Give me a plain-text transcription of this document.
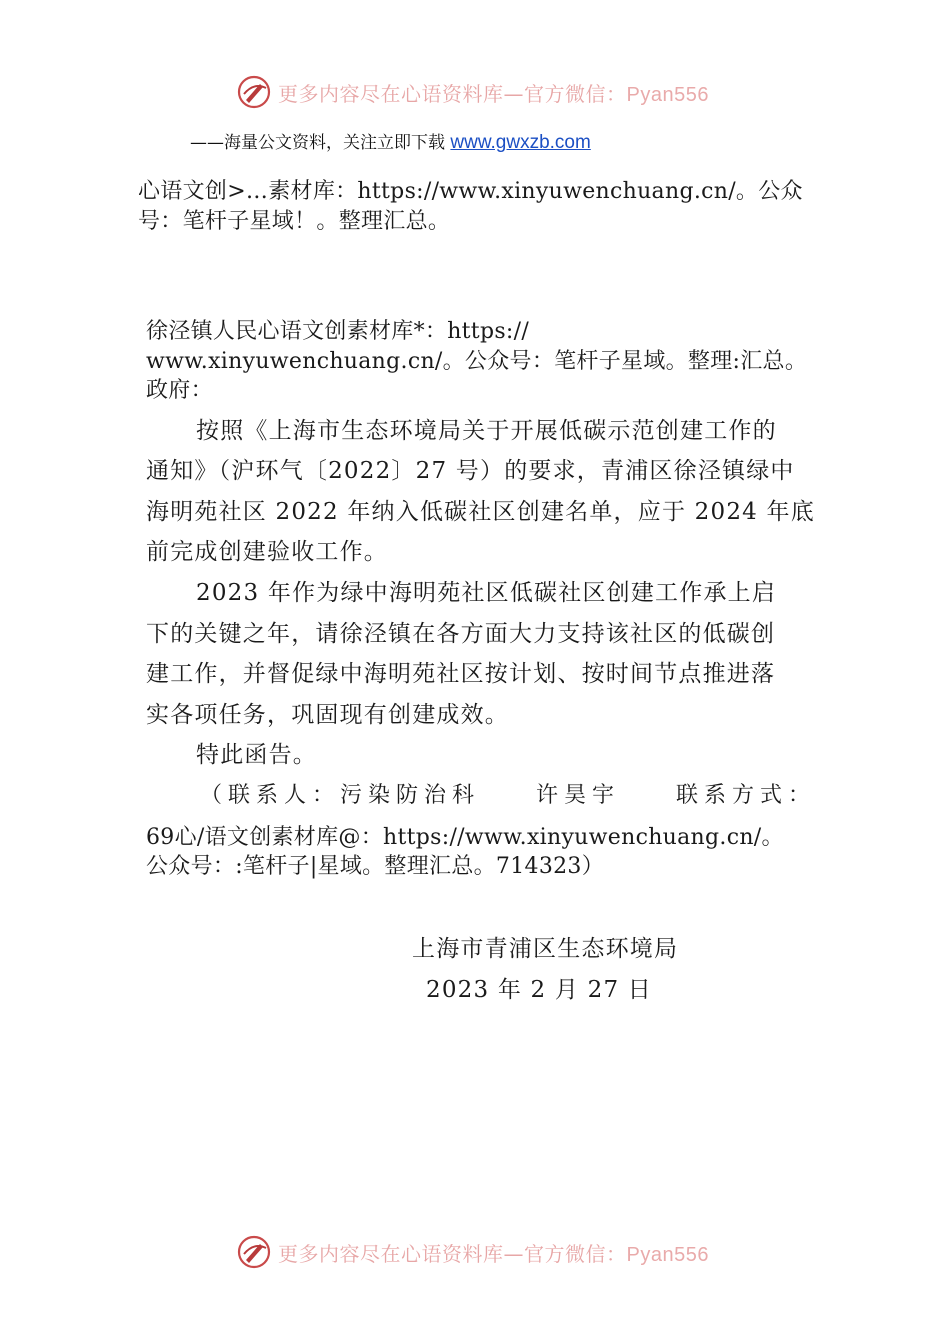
更多内容尽在心语资料库—官方微信：Pyan556
——海量公文资料，关注立即下载 www.gwxzb.com
心语文创>…素材库：https://www.xinyuwenchuang.cn/。公众
号：笔杆子星域！。整理汇总。
徐泾镇人民心语文创素材库*：https://
www.xinyuwenchuang.cn/。公众号：笔杆子星域。整理:汇总。
政府：
按照《上海市生态环境局关于开展低碳示范创建工作的
通知》（沪环气〔2022〕27 号）的要求，青浦区徐泾镇绿中
海明苑社区 2022 年纳入低碳社区创建名单，应于 2024 年底
前完成创建验收工作。
2023 年作为绿中海明苑社区低碳社区创建工作承上启
下的关键之年，请徐泾镇在各方面大力支持该社区的低碳创
建工作，并督促绿中海明苑社区按计划、按时间节点推进落
实各项任务，巩固现有创建成效。
特此函告。
（联系人：污染防治科　　许昊宇　　联系方式：
69心/语文创素材库@：https://www.xinyuwenchuang.cn/。
公众号：:笔杆子|星域。整理汇总。714323）
上海市青浦区生态环境局
2023 年 2 月 27 日
更多内容尽在心语资料库—官方微信：Pyan556
